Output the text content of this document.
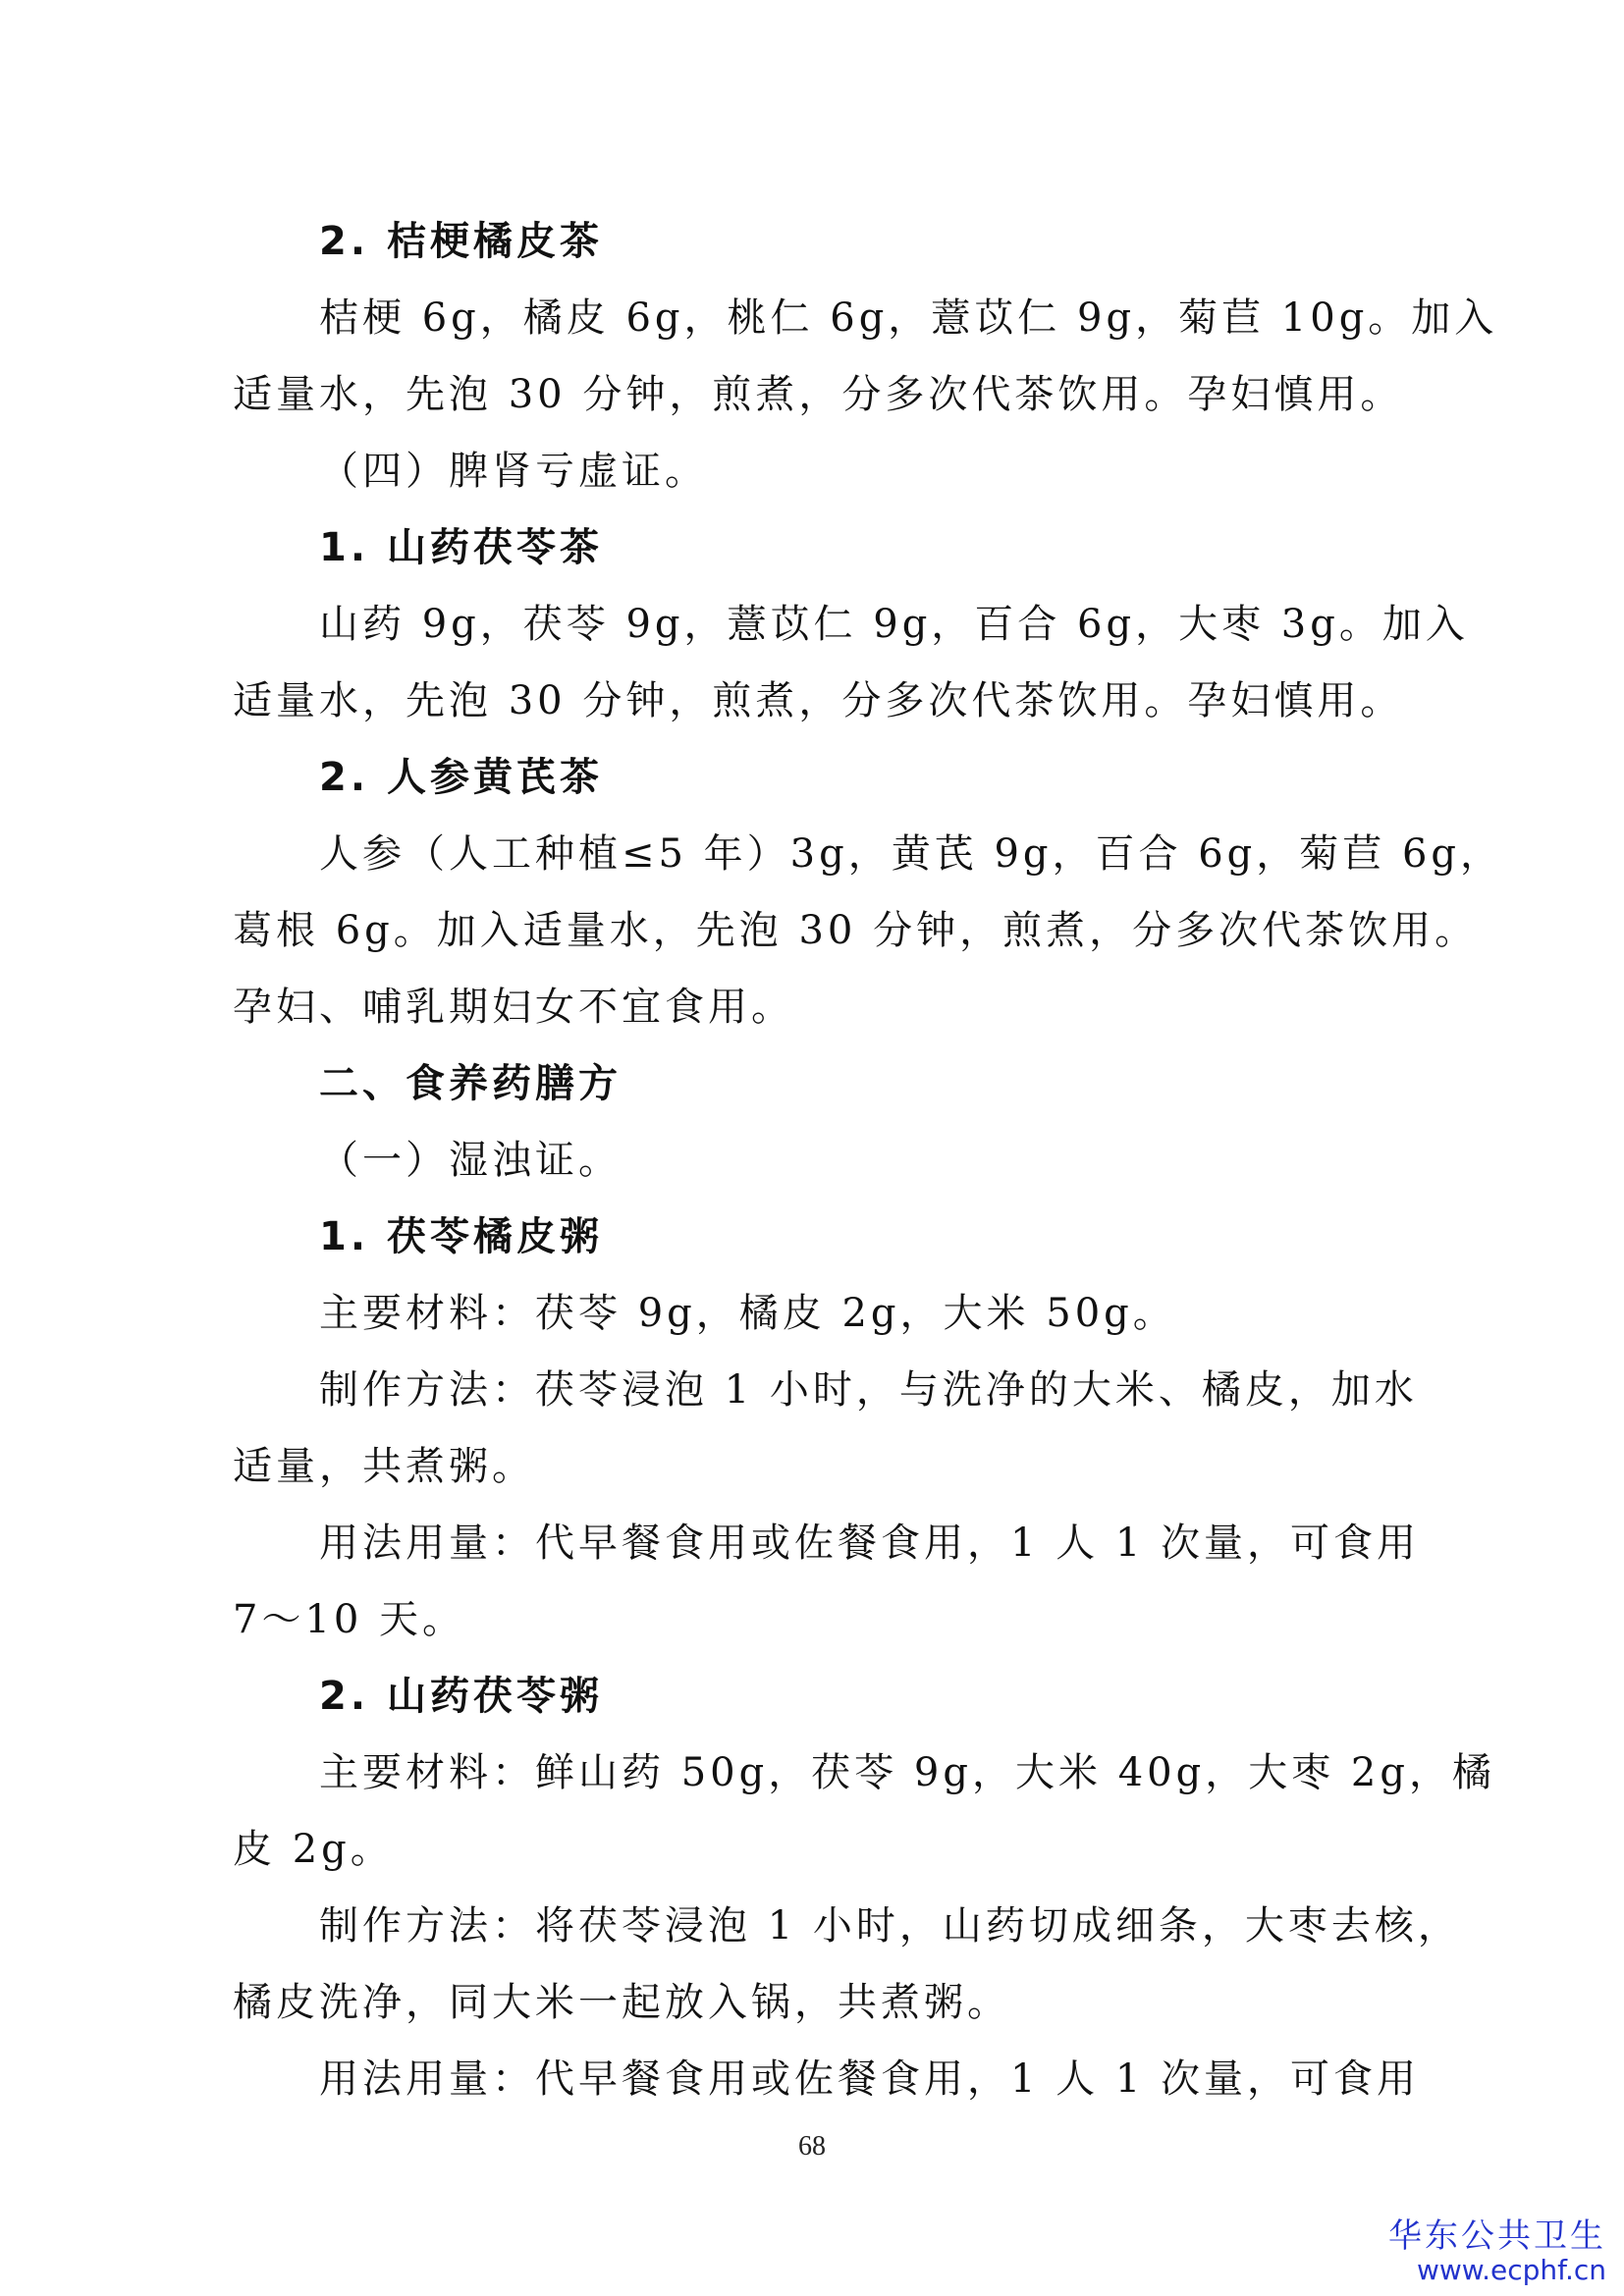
2. 桔梗橘皮茶
桔梗 6g，橘皮 6g，桃仁 6g，薏苡仁 9g，菊苣 10g。加入
适量水，先泡 30 分钟，煎煮，分多次代茶饮用。孕妇慎用。
（四）脾肾亏虚证。
1. 山药茯苓茶
山药 9g，茯苓 9g，薏苡仁 9g，百合 6g，大枣 3g。加入
适量水，先泡 30 分钟，煎煮，分多次代茶饮用。孕妇慎用。
2. 人参黄芪茶
人参（人工种植≤5 年）3g，黄芪 9g，百合 6g，菊苣 6g，
葛根 6g。加入适量水，先泡 30 分钟，煎煮，分多次代茶饮用。
孕妇、哺乳期妇女不宜食用。
二、食养药膳方
（一）湿浊证。
1. 茯苓橘皮粥
主要材料：茯苓 9g，橘皮 2g，大米 50g。
制作方法：茯苓浸泡 1 小时，与洗净的大米、橘皮，加水
适量，共煮粥。
用法用量：代早餐食用或佐餐食用，1 人 1 次量，可食用
7～10 天。
2. 山药茯苓粥
主要材料：鲜山药 50g，茯苓 9g，大米 40g，大枣 2g，橘
皮 2g。
制作方法：将茯苓浸泡 1 小时，山药切成细条，大枣去核，
橘皮洗净，同大米一起放入锅，共煮粥。
用法用量：代早餐食用或佐餐食用，1 人 1 次量，可食用
68
华东公共卫生
www.ecphf.cn
